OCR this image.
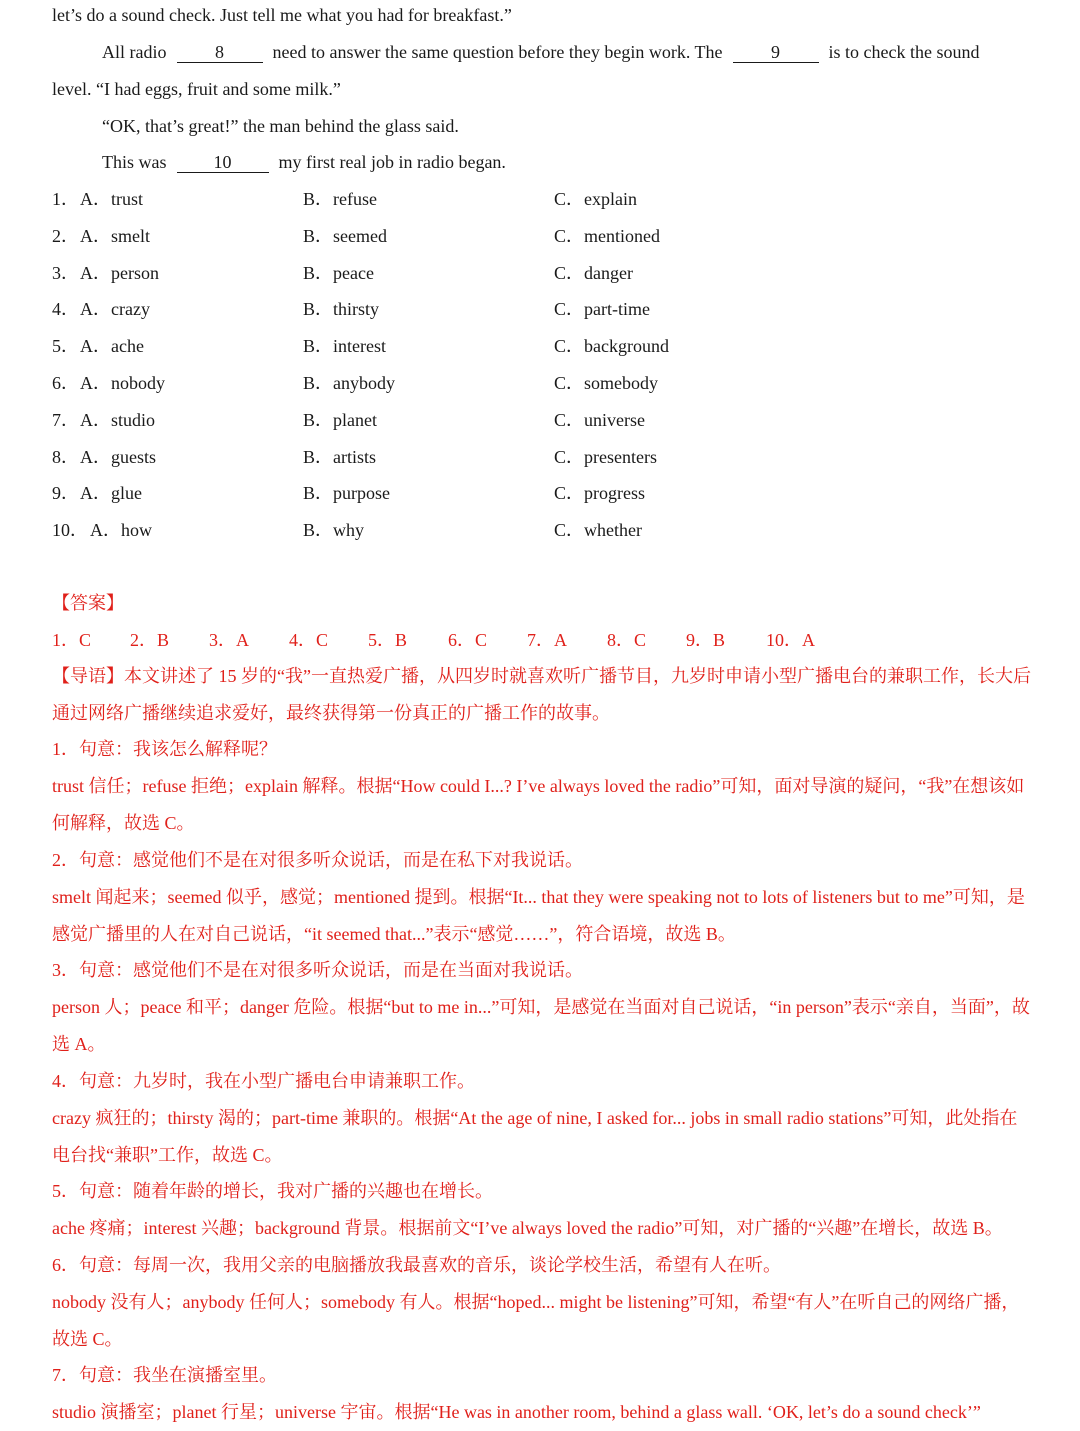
let’s do a sound check. Just tell me what you had for breakfast.”
All radio	8	need to answer the same question before they begin work. The	9	is to check the sound
level. “I had eggs, fruit and some milk.”
“OK, that’s great!” the man behind the glass said.
This was	10	my first real job in radio began.
1． A．trust	B．refuse	C．explain
2． A．smelt	B．seemed	C．mentioned
3． A．person	B．peace	C．danger
4． A．crazy	B．thirsty	C．part-time
5． A．ache	B．interest	C．background
6． A．nobody	B．anybody	C．somebody
7． A．studio	B．planet	C．universe
8． A．guests	B．artists	C．presenters
9． A．glue	B．purpose	C．progress
10． A．how	B．why	C．whether
【答案】
1．C 2．B 3．A 4．C 5．B 6．C 7．A 8．C 9．B 10．A
【导语】本文讲述了 15 岁的“我”一直热爱广播，从四岁时就喜欢听广播节目，九岁时申请小型广播电台的兼职工作，长大后通过网络广播继续追求爱好，最终获得第一份真正的广播工作的故事。
1．句意：我该怎么解释呢？
trust 信任；refuse 拒绝；explain 解释。根据“How could I...? I’ve always loved the radio”可知，面对导演的疑问，“我”在想该如何解释，故选 C。
2．句意：感觉他们不是在对很多听众说话，而是在私下对我说话。
smelt 闻起来；seemed 似乎，感觉；mentioned 提到。根据“It... that they were speaking not to lots of listeners but to me”可知，是感觉广播里的人在对自己说话，“it seemed that...”表示“感觉……”，符合语境，故选 B。
3．句意：感觉他们不是在对很多听众说话，而是在当面对我说话。
person 人；peace 和平；danger 危险。根据“but to me in...”可知，是感觉在当面对自己说话，“in person”表示“亲自，当面”，故选 A。
4．句意：九岁时，我在小型广播电台申请兼职工作。
crazy 疯狂的；thirsty 渴的；part-time 兼职的。根据“At the age of nine, I asked for... jobs in small radio stations”可知，此处指在电台找“兼职”工作，故选 C。
5．句意：随着年龄的增长，我对广播的兴趣也在增长。
ache 疼痛；interest 兴趣；background 背景。根据前文“I’ve always loved the radio”可知，对广播的“兴趣”在增长，故选 B。
6．句意：每周一次，我用父亲的电脑播放我最喜欢的音乐，谈论学校生活，希望有人在听。
nobody 没有人；anybody 任何人；somebody 有人。根据“hoped... might be listening”可知，希望“有人”在听自己的网络广播，故选 C。
7．句意：我坐在演播室里。
studio 演播室；planet 行星；universe 宇宙。根据“He was in another room, behind a glass wall. ‘OK, let’s do a sound check’”
